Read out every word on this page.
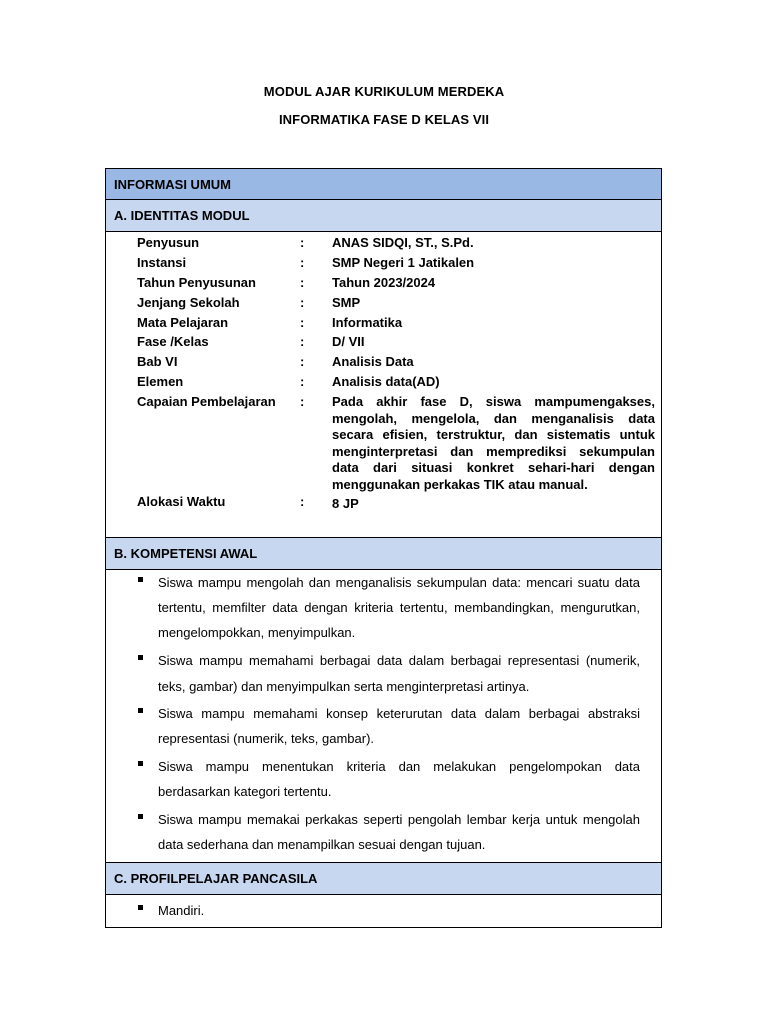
MODUL AJAR KURIKULUM MERDEKA
INFORMATIKA FASE D KELAS VII
INFORMASI UMUM
A. IDENTITAS MODUL
Penyusun	: ANAS SIDQI, ST., S.Pd.
Instansi	: SMP Negeri 1 Jatikalen
Tahun Penyusunan	: Tahun 2023/2024
Jenjang Sekolah	: SMP
Mata Pelajaran	: Informatika
Fase /Kelas	: D/ VII
Bab VI	: Analisis Data
Elemen	: Analisis data(AD)
Capaian Pembelajaran : Pada akhir fase D, siswa mampumengakses, mengolah, mengelola, dan menganalisis data secara efisien, terstruktur, dan sistematis untuk menginterpretasi dan memprediksi sekumpulan data dari situasi konkret sehari-hari dengan menggunakan perkakas TIK atau manual.
Alokasi Waktu	: 8 JP
B. KOMPETENSI AWAL
Siswa mampu mengolah dan menganalisis sekumpulan data: mencari suatu data tertentu, memfilter data dengan kriteria tertentu, membandingkan, mengurutkan, mengelompokkan, menyimpulkan.
Siswa mampu memahami berbagai data dalam berbagai representasi (numerik, teks, gambar) dan menyimpulkan serta menginterpretasi artinya.
Siswa mampu memahami konsep keterurutan data dalam berbagai abstraksi representasi (numerik, teks, gambar).
Siswa mampu menentukan kriteria dan melakukan pengelompokan data berdasarkan kategori tertentu.
Siswa mampu memakai perkakas seperti pengolah lembar kerja untuk mengolah data sederhana dan menampilkan sesuai dengan tujuan.
C. PROFILPELAJAR PANCASILA
Mandiri.
